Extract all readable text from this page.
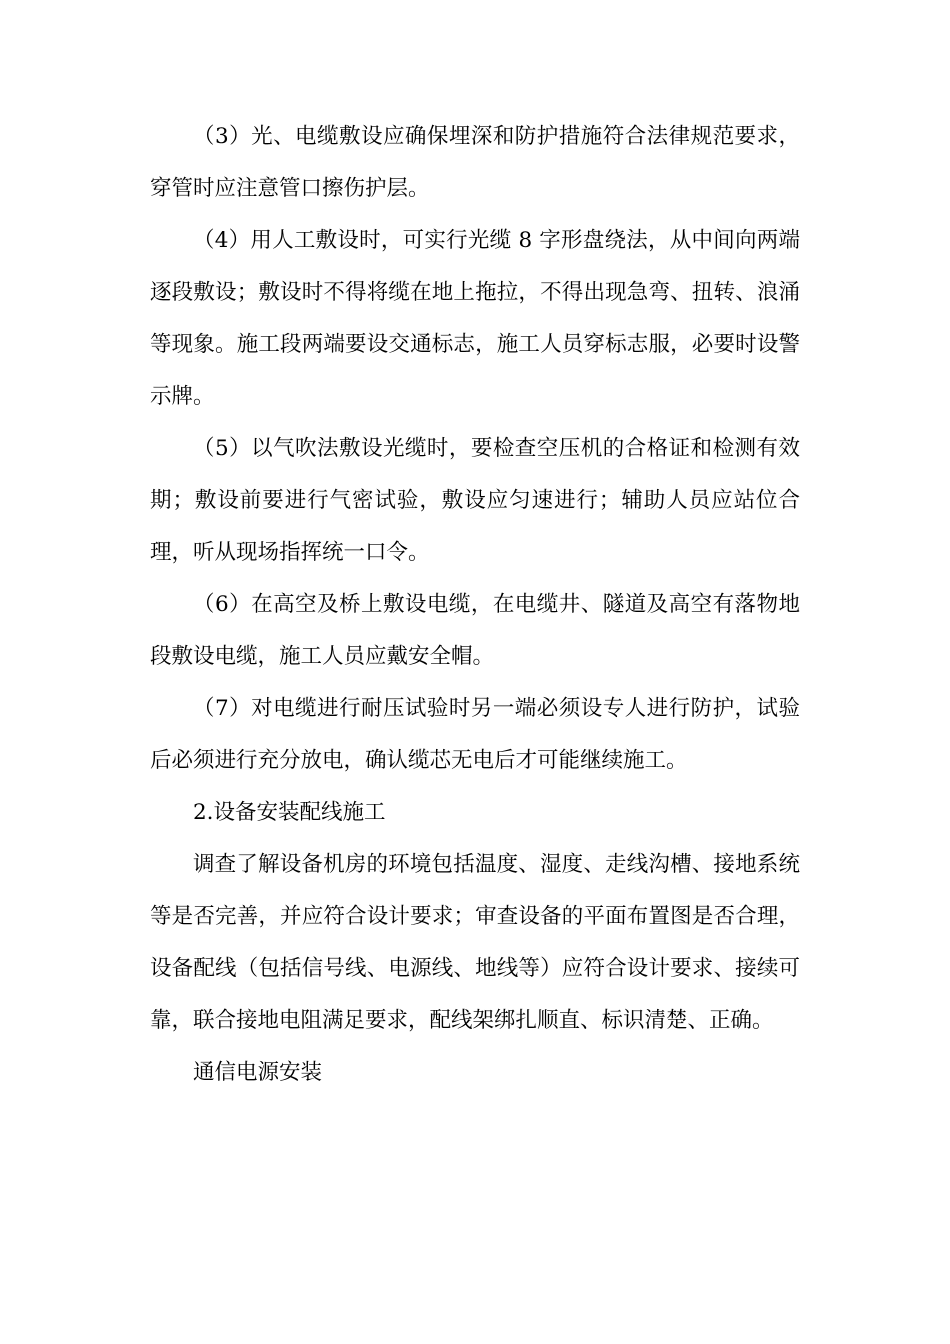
（3）光、电缆敷设应确保埋深和防护措施符合法律规范要求，穿管时应注意管口擦伤护层。

（4）用人工敷设时，可实行光缆 8 字形盘绕法，从中间向两端逐段敷设；敷设时不得将缆在地上拖拉，不得出现急弯、扭转、浪涌等现象。施工段两端要设交通标志，施工人员穿标志服，必要时设警示牌。

（5）以气吹法敷设光缆时，要检查空压机的合格证和检测有效期；敷设前要进行气密试验，敷设应匀速进行；辅助人员应站位合理，听从现场指挥统一口令。

（6）在高空及桥上敷设电缆，在电缆井、隧道及高空有落物地段敷设电缆，施工人员应戴安全帽。

（7）对电缆进行耐压试验时另一端必须设专人进行防护，试验后必须进行充分放电，确认缆芯无电后才可能继续施工。

2.设备安装配线施工

调查了解设备机房的环境包括温度、湿度、走线沟槽、接地系统等是否完善，并应符合设计要求；审查设备的平面布置图是否合理，设备配线（包括信号线、电源线、地线等）应符合设计要求、接续可靠，联合接地电阻满足要求，配线架绑扎顺直、标识清楚、正确。

通信电源安装
